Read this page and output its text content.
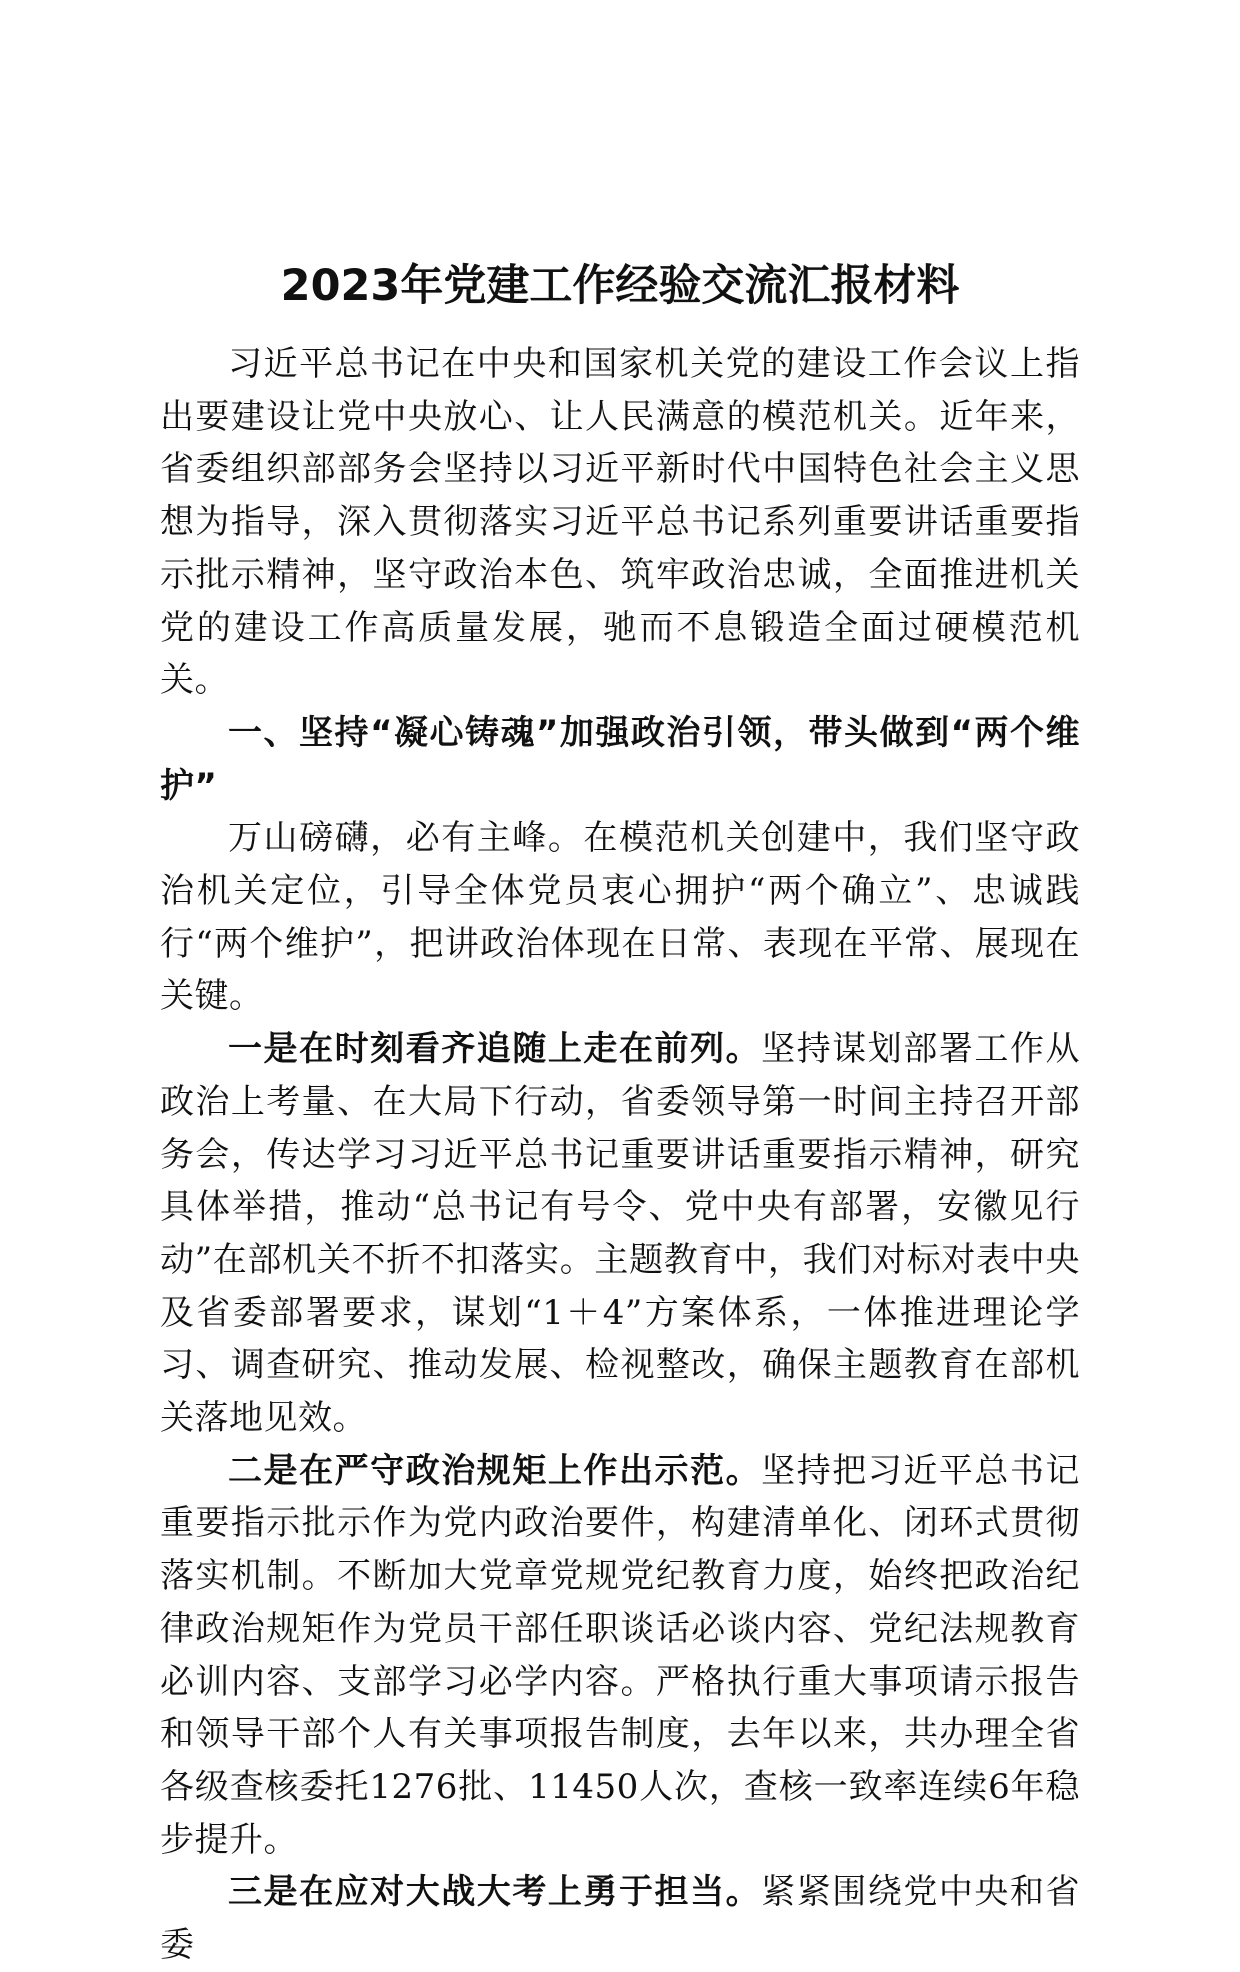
2023年党建工作经验交流汇报材料

习近平总书记在中央和国家机关党的建设工作会议上指出要建设让党中央放心、让人民满意的模范机关。近年来，省委组织部部务会坚持以习近平新时代中国特色社会主义思想为指导，深入贯彻落实习近平总书记系列重要讲话重要指示批示精神，坚守政治本色、筑牢政治忠诚，全面推进机关党的建设工作高质量发展，驰而不息锻造全面过硬模范机关。

一、坚持“凝心铸魂”加强政治引领，带头做到“两个维护”

万山磅礴，必有主峰。在模范机关创建中，我们坚守政治机关定位，引导全体党员衷心拥护“两个确立”、忠诚践行“两个维护”，把讲政治体现在日常、表现在平常、展现在关键。

一是在时刻看齐追随上走在前列。坚持谋划部署工作从政治上考量、在大局下行动，省委领导第一时间主持召开部务会，传达学习习近平总书记重要讲话重要指示精神，研究具体举措，推动“总书记有号令、党中央有部署，安徽见行动”在部机关不折不扣落实。主题教育中，我们对标对表中央及省委部署要求，谋划“1＋4”方案体系，一体推进理论学习、调查研究、推动发展、检视整改，确保主题教育在部机关落地见效。

二是在严守政治规矩上作出示范。坚持把习近平总书记重要指示批示作为党内政治要件，构建清单化、闭环式贯彻落实机制。不断加大党章党规党纪教育力度，始终把政治纪律政治规矩作为党员干部任职谈话必谈内容、党纪法规教育必训内容、支部学习必学内容。严格执行重大事项请示报告和领导干部个人有关事项报告制度，去年以来，共办理全省各级查核委托1276批、11450人次，查核一致率连续6年稳步提升。

三是在应对大战大考上勇于担当。紧紧围绕党中央和省委
